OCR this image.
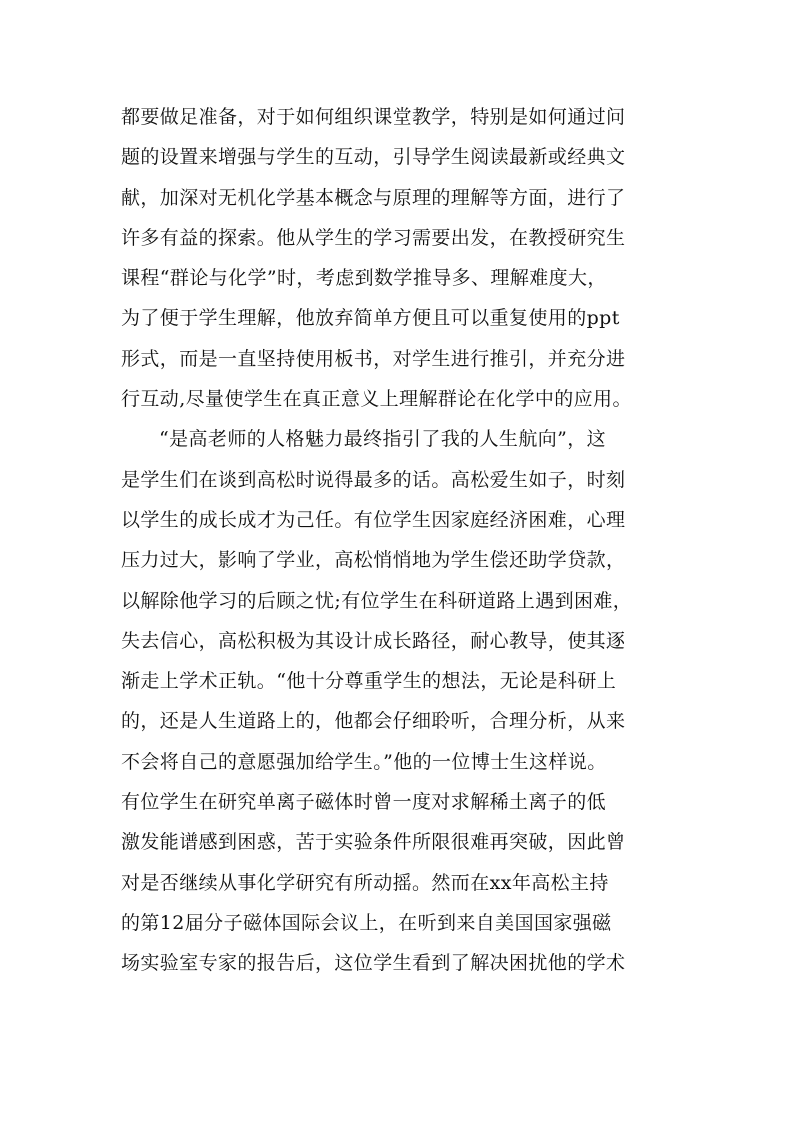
都要做足准备，对于如何组织课堂教学，特别是如何通过问
题的设置来增强与学生的互动，引导学生阅读最新或经典文
献，加深对无机化学基本概念与原理的理解等方面，进行了
许多有益的探索。他从学生的学习需要出发，在教授研究生
课程“群论与化学”时，考虑到数学推导多、理解难度大，
为了便于学生理解，他放弃简单方便且可以重复使用的ppt
形式，而是一直坚持使用板书，对学生进行推引，并充分进
行互动,尽量使学生在真正意义上理解群论在化学中的应用。
“是高老师的人格魅力最终指引了我的人生航向”，这
是学生们在谈到高松时说得最多的话。高松爱生如子，时刻
以学生的成长成才为己任。有位学生因家庭经济困难，心理
压力过大，影响了学业，高松悄悄地为学生偿还助学贷款，
以解除他学习的后顾之忧;有位学生在科研道路上遇到困难，
失去信心，高松积极为其设计成长路径，耐心教导，使其逐
渐走上学术正轨。“他十分尊重学生的想法，无论是科研上
的，还是人生道路上的，他都会仔细聆听，合理分析，从来
不会将自己的意愿强加给学生。”他的一位博士生这样说。
有位学生在研究单离子磁体时曾一度对求解稀土离子的低
激发能谱感到困惑，苦于实验条件所限很难再突破，因此曾
对是否继续从事化学研究有所动摇。然而在xx年高松主持
的第12届分子磁体国际会议上，在听到来自美国国家强磁
场实验室专家的报告后，这位学生看到了解决困扰他的学术
